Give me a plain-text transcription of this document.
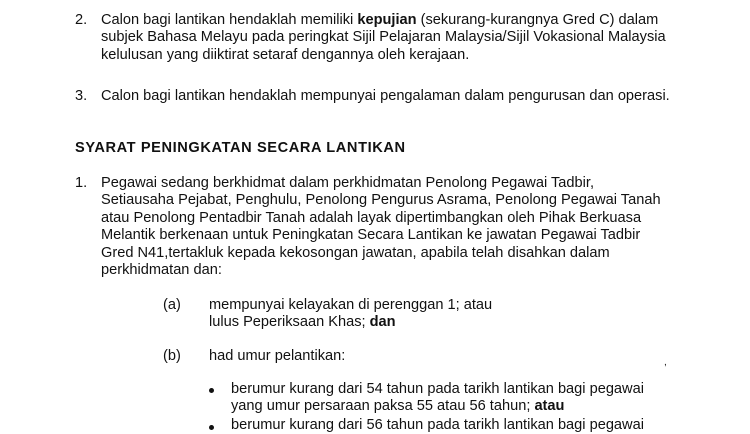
2. Calon bagi lantikan hendaklah memiliki kepujian (sekurang-kurangnya Gred C) dalam
subjek Bahasa Melayu pada peringkat Sijil Pelajaran Malaysia/Sijil Vokasional Malaysia
kelulusan yang diiktirat setaraf dengannya oleh kerajaan.
3. Calon bagi lantikan hendaklah mempunyai pengalaman dalam pengurusan dan operasi.
SYARAT PENINGKATAN SECARA LANTIKAN
1. Pegawai sedang berkhidmat dalam perkhidmatan Penolong Pegawai Tadbir,
Setiausaha Pejabat, Penghulu, Penolong Pengurus Asrama, Penolong Pegawai Tanah
atau Penolong Pentadbir Tanah adalah layak dipertimbangkan oleh Pihak Berkuasa
Melantik berkenaan untuk Peningkatan Secara Lantikan ke jawatan Pegawai Tadbir
Gred N41,tertakluk kepada kekosongan jawatan, apabila telah disahkan dalam
perkhidmatan dan:
(a) mempunyai kelayakan di perenggan 1; atau
lulus Peperiksaan Khas; dan
(b) had umur pelantikan:	,
berumur kurang dari 54 tahun pada tarikh lantikan bagi pegawai
yang umur persaraan paksa 55 atau 56 tahun; atau
berumur kurang dari 56 tahun pada tarikh lantikan bagi pegawai
